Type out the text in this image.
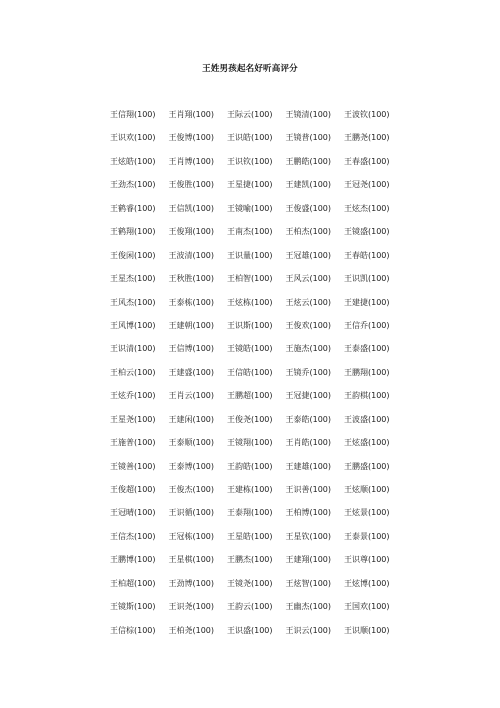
王姓男孩起名好听高评分
王信翔(100)	王肖翔(100)	王际云(100)	王镜清(100)	王波钦(100)
王识欢(100)	王俊博(100)	王识皓(100)	王镜普(100)	王鹏尧(100)
王炫皓(100)	王肖博(100)	王识钦(100)	王鹏皓(100)	王春盛(100)
王劲杰(100)	王俊胜(100)	王星捷(100)	王建凯(100)	王冠尧(100)
王鹤睿(100)	王信凯(100)	王镜喻(100)	王俊盛(100)	王炫杰(100)
王鹤翔(100)	王俊翔(100)	王南杰(100)	王柏杰(100)	王镜盛(100)
王俊闲(100)	王波清(100)	王识量(100)	王冠雄(100)	王春皓(100)
王星杰(100)	王秋胜(100)	王柏智(100)	王风云(100)	王识凯(100)
王风杰(100)	王泰栋(100)	王炫栋(100)	王炫云(100)	王建捷(100)
王风博(100)	王建朝(100)	王识斯(100)	王俊欢(100)	王信乔(100)
王识清(100)	王信博(100)	王镜皓(100)	王施杰(100)	王泰盛(100)
王柏云(100)	王建盛(100)	王信皓(100)	王镜乔(100)	王鹏翔(100)
王炫乔(100)	王肖云(100)	王鹏超(100)	王冠捷(100)	王韵棋(100)
王星尧(100)	王建闲(100)	王俊尧(100)	王泰皓(100)	王波盛(100)
王施普(100)	王泰顺(100)	王镜翔(100)	王肖皓(100)	王炫盛(100)
王镜善(100)	王泰博(100)	王韵皓(100)	王建雄(100)	王鹏盛(100)
王俊超(100)	王俊杰(100)	王建栋(100)	王识善(100)	王炫顺(100)
王冠晴(100)	王识循(100)	王泰翔(100)	王柏博(100)	王炫景(100)
王信杰(100)	王冠栋(100)	王星皓(100)	王星钦(100)	王泰景(100)
王鹏博(100)	王星棋(100)	王鹏杰(100)	王建翔(100)	王识尊(100)
王柏超(100)	王劲博(100)	王镜尧(100)	王炫智(100)	王炫博(100)
王镜斯(100)	王识尧(100)	王韵云(100)	王幽杰(100)	王国欢(100)
王信棕(100)	王柏尧(100)	王识盛(100)	王识云(100)	王识顺(100)
